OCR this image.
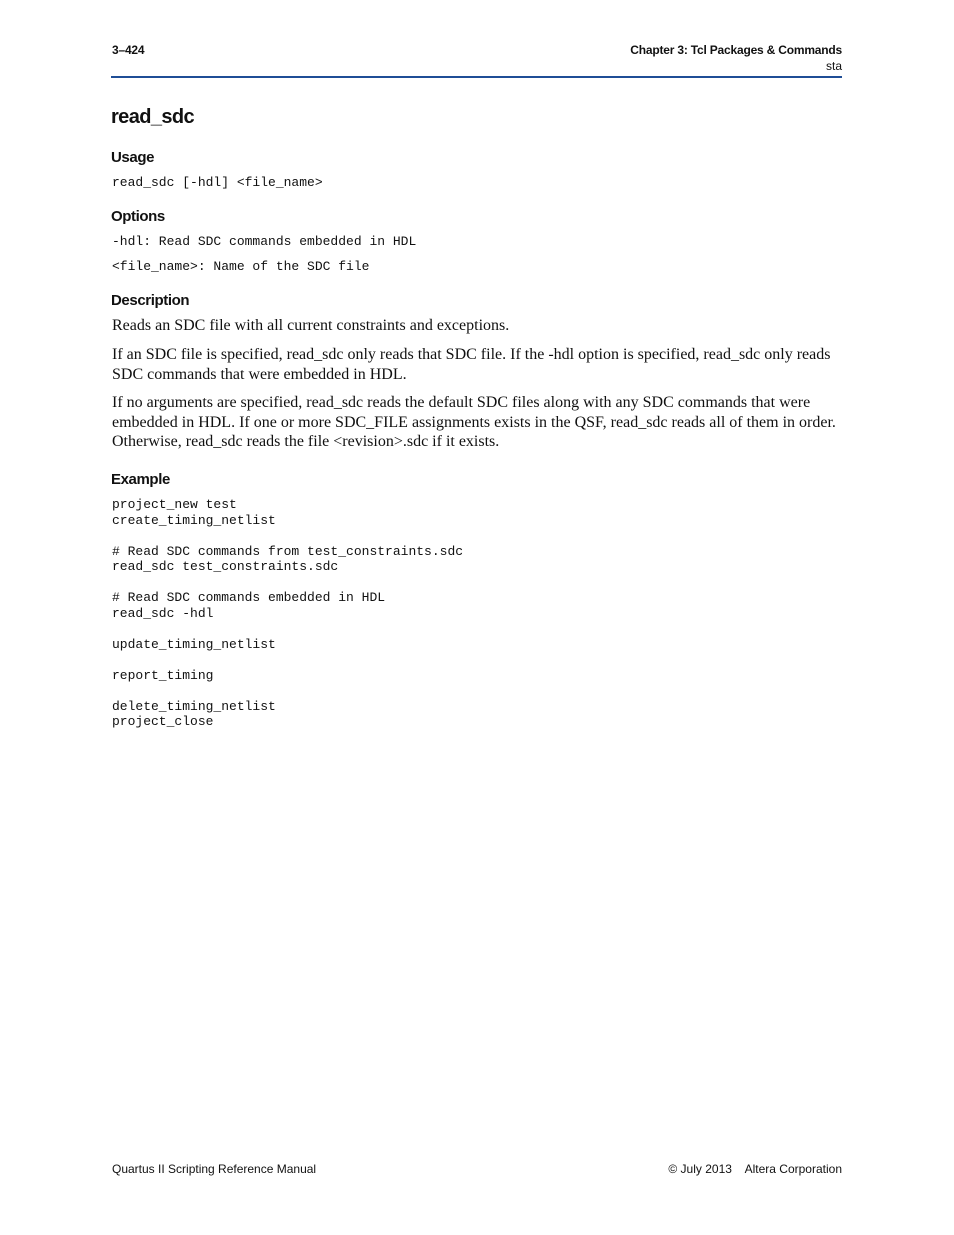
3–424	Chapter 3: Tcl Packages & Commands
sta
read_sdc
Usage
read_sdc [-hdl] <file_name>
Options
-hdl: Read SDC commands embedded in HDL
<file_name>: Name of the SDC file
Description
Reads an SDC file with all current constraints and exceptions.
If an SDC file is specified, read_sdc only reads that SDC file. If the -hdl option is specified, read_sdc only reads SDC commands that were embedded in HDL.
If no arguments are specified, read_sdc reads the default SDC files along with any SDC commands that were embedded in HDL. If one or more SDC_FILE assignments exists in the QSF, read_sdc reads all of them in order. Otherwise, read_sdc reads the file <revision>.sdc if it exists.
Example
project_new test
create_timing_netlist

# Read SDC commands from test_constraints.sdc
read_sdc test_constraints.sdc

# Read SDC commands embedded in HDL
read_sdc -hdl

update_timing_netlist

report_timing

delete_timing_netlist
project_close
Quartus II Scripting Reference Manual	© July 2013 Altera Corporation
